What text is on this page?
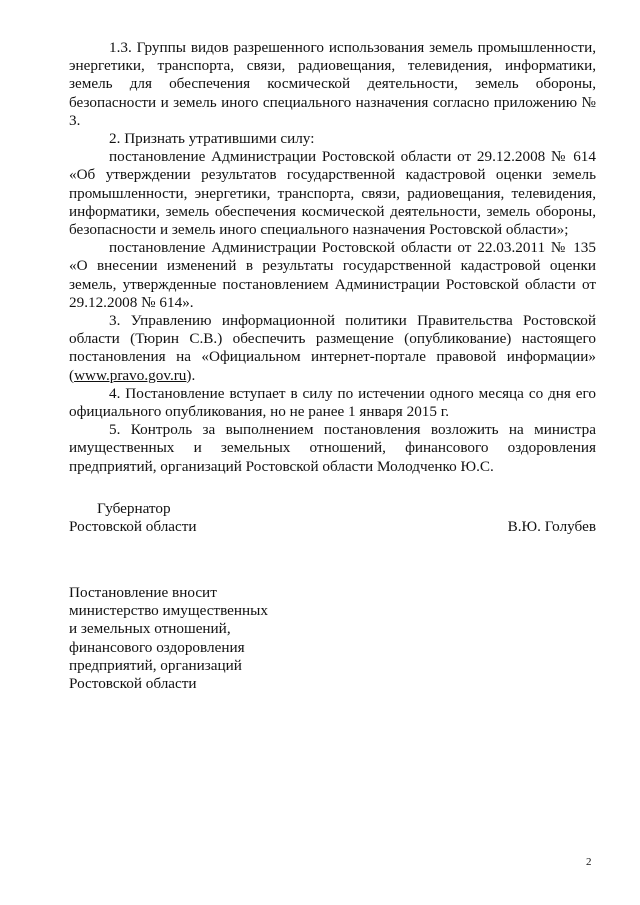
1.3. Группы видов разрешенного использования земель промышленности, энергетики, транспорта, связи, радиовещания, телевидения, информатики, земель для обеспечения космической деятельности, земель обороны, безопасности и земель иного специального назначения согласно приложению № 3.

2. Признать утратившими силу:

постановление Администрации Ростовской области от 29.12.2008 № 614 «Об утверждении результатов государственной кадастровой оценки земель промышленности, энергетики, транспорта, связи, радиовещания, телевидения, информатики, земель обеспечения космической деятельности, земель обороны, безопасности и земель иного специального назначения Ростовской области»;

постановление Администрации Ростовской области от 22.03.2011 № 135 «О внесении изменений в результаты государственной кадастровой оценки земель, утвержденные постановлением Администрации Ростовской области от 29.12.2008 № 614».

3. Управлению информационной политики Правительства Ростовской области (Тюрин С.В.) обеспечить размещение (опубликование) настоящего постановления на «Официальном интернет-портале правовой информации» (www.pravo.gov.ru).

4. Постановление вступает в силу по истечении одного месяца со дня его официального опубликования, но не ранее 1 января 2015 г.

5. Контроль за выполнением постановления возложить на министра имущественных и земельных отношений, финансового оздоровления предприятий, организаций Ростовской области Молодченко Ю.С.

Губернатор
Ростовской области	В.Ю. Голубев
Постановление вносит
министерство имущественных
и земельных отношений,
финансового оздоровления
предприятий, организаций
Ростовской области
2
